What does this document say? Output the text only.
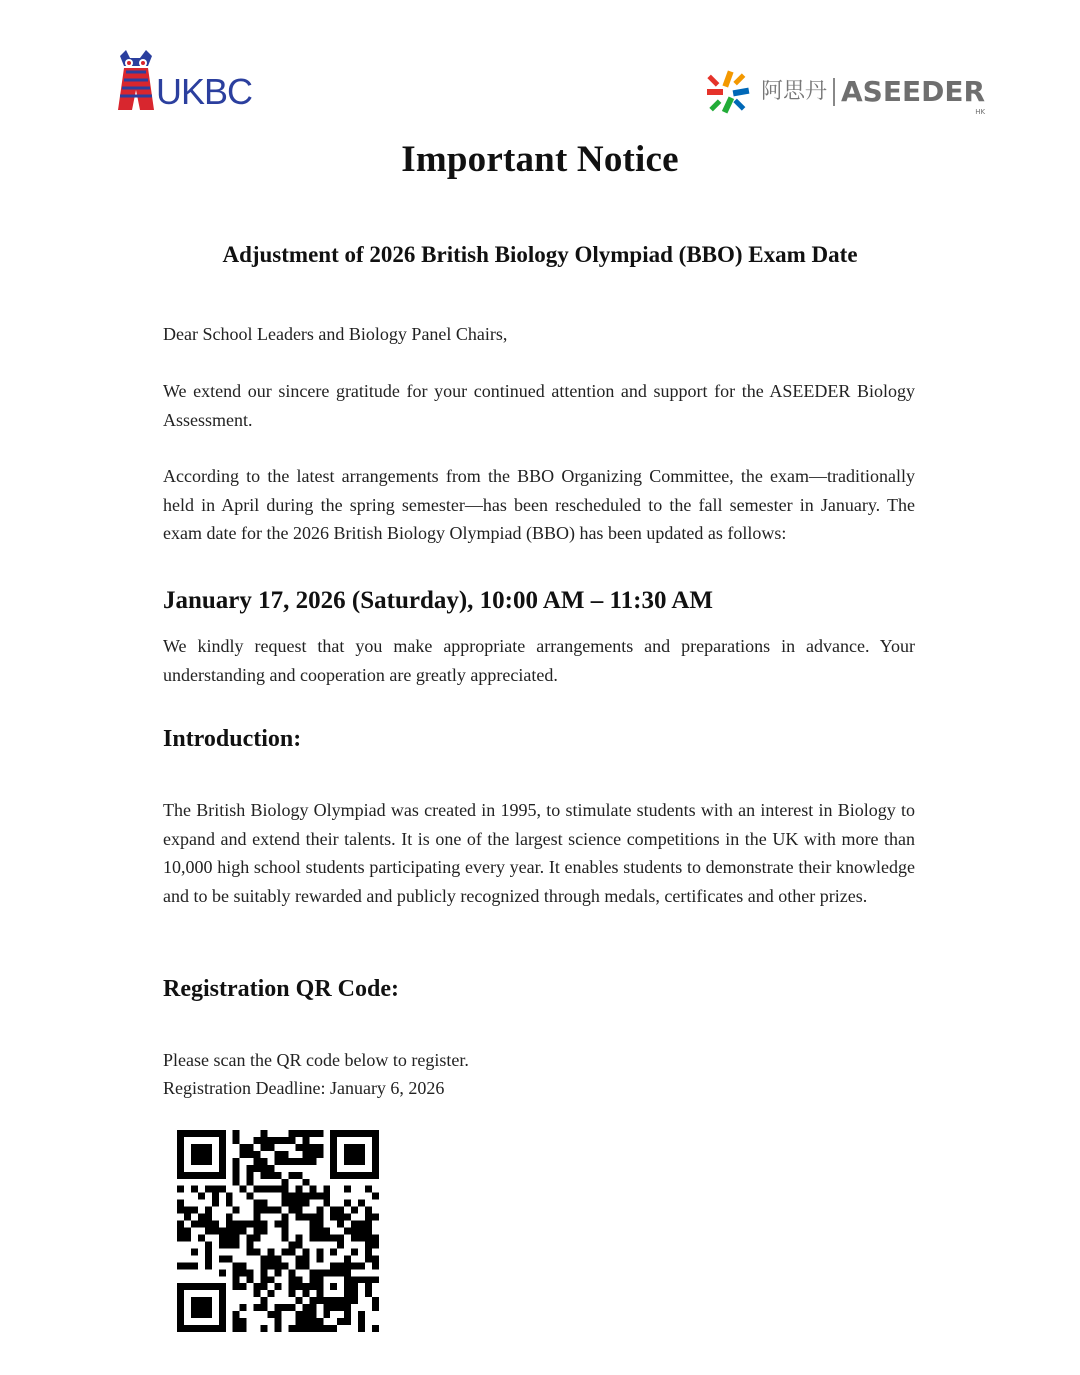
UKBC	阿思丹 ASEEDER
HK
Important Notice

Adjustment of 2026 British Biology Olympiad (BBO) Exam Date

Dear School Leaders and Biology Panel Chairs,

We extend our sincere gratitude for your continued attention and support for the ASEEDER Biology Assessment.

According to the latest arrangements from the BBO Organizing Committee, the exam—traditionally held in April during the spring semester—has been rescheduled to the fall semester in January. The exam date for the 2026 British Biology Olympiad (BBO) has been updated as follows:

January 17, 2026 (Saturday), 10:00 AM – 11:30 AM

We kindly request that you make appropriate arrangements and preparations in advance. Your understanding and cooperation are greatly appreciated.

Introduction:

The British Biology Olympiad was created in 1995, to stimulate students with an interest in Biology to expand and extend their talents. It is one of the largest science competitions in the UK with more than 10,000 high school students participating every year. It enables students to demonstrate their knowledge and to be suitably rewarded and publicly recognized through medals, certificates and other prizes.

Registration QR Code:

Please scan the QR code below to register.

Registration Deadline: January 6, 2026
